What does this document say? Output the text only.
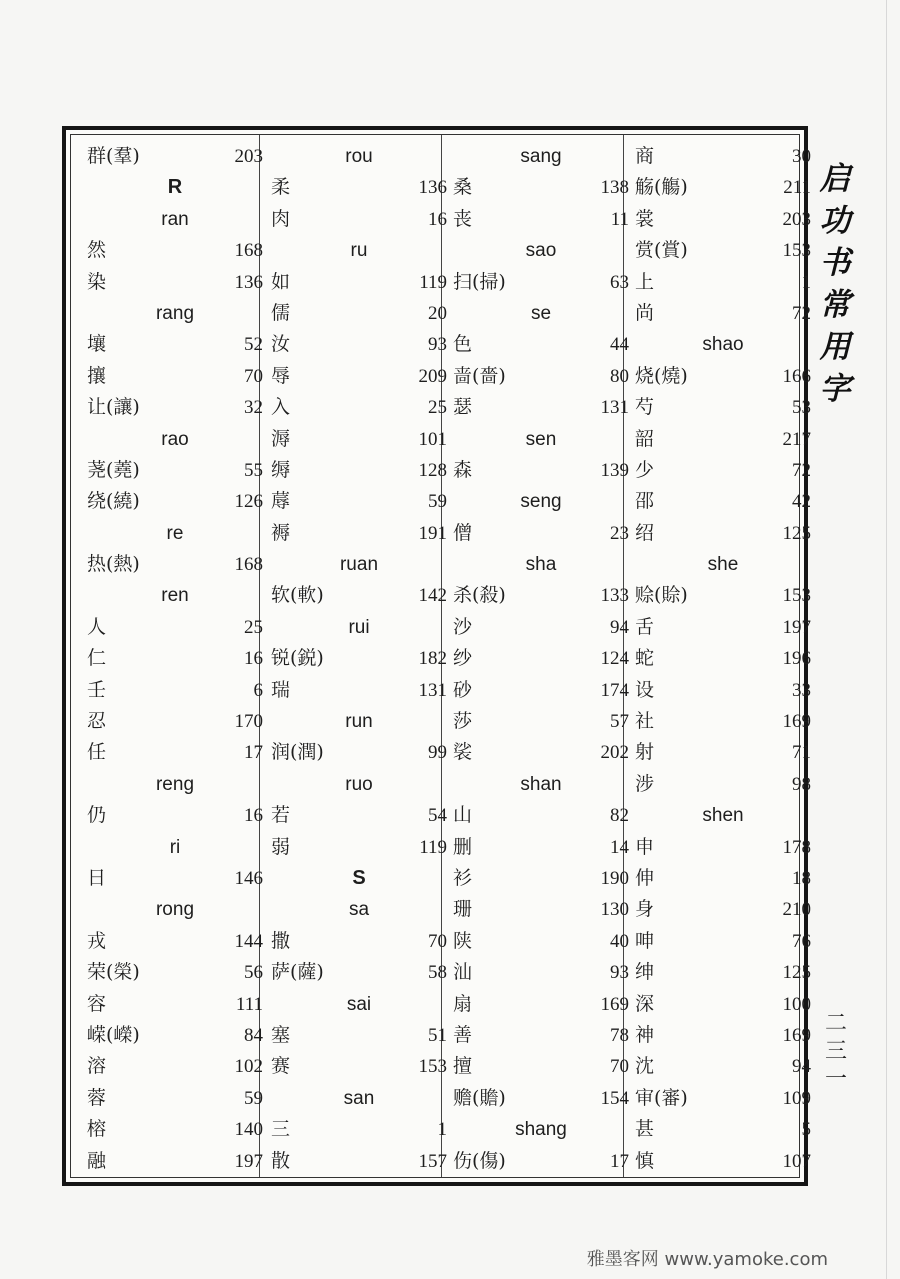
群(羣)	203
R
ran
然	168
染	136
rang
壤	52
攘	70
让(讓)	32
rao
荛(蕘)	55
绕(繞)	126
re
热(熱)	168
ren
人	25
仁	16
壬	6
忍	170
任	17
reng
仍	16
ri
日	146
rong
戎	144
荣(榮)	56
容	111
嵘(嶸)	84
溶	102
蓉	59
榕	140
融	197
rou
柔	136
肉	16
ru
如	119
儒	20
汝	93
辱	209
入	25
溽	101
缛	128
蓐	59
褥	191
ruan
软(軟)	142
rui
锐(鋭)	182
瑞	131
run
润(潤)	99
ruo
若	54
弱	119
S
sa
撒	70
萨(薩)	58
sai
塞	51
赛	153
san
三	1
散	157
sang
桑	138
丧	11
sao
扫(掃)	63
se
色	44
啬(嗇)	80
瑟	131
sen
森	139
seng
僧	23
sha
杀(殺)	133
沙	94
纱	124
砂	174
莎	57
裟	202
shan
山	82
删	14
衫	190
珊	130
陕	40
汕	93
扇	169
善	78
擅	70
赡(贍)	154
shang
伤(傷)	17
商	30
觞(觴)	211
裳	203
赏(賞)	153
上	1
尚	72
shao
烧(燒)	166
芍	53
韶	217
少	72
邵	42
绍	125
she
赊(賒)	153
舌	197
蛇	196
设	33
社	169
射	71
涉	98
shen
申	178
伸	18
身	210
呻	76
绅	125
深	100
神	169
沈	94
审(審)	109
甚	5
慎	107
启
功
书
常
用
字
二
三
一
雅墨客网 www.yamoke.com
